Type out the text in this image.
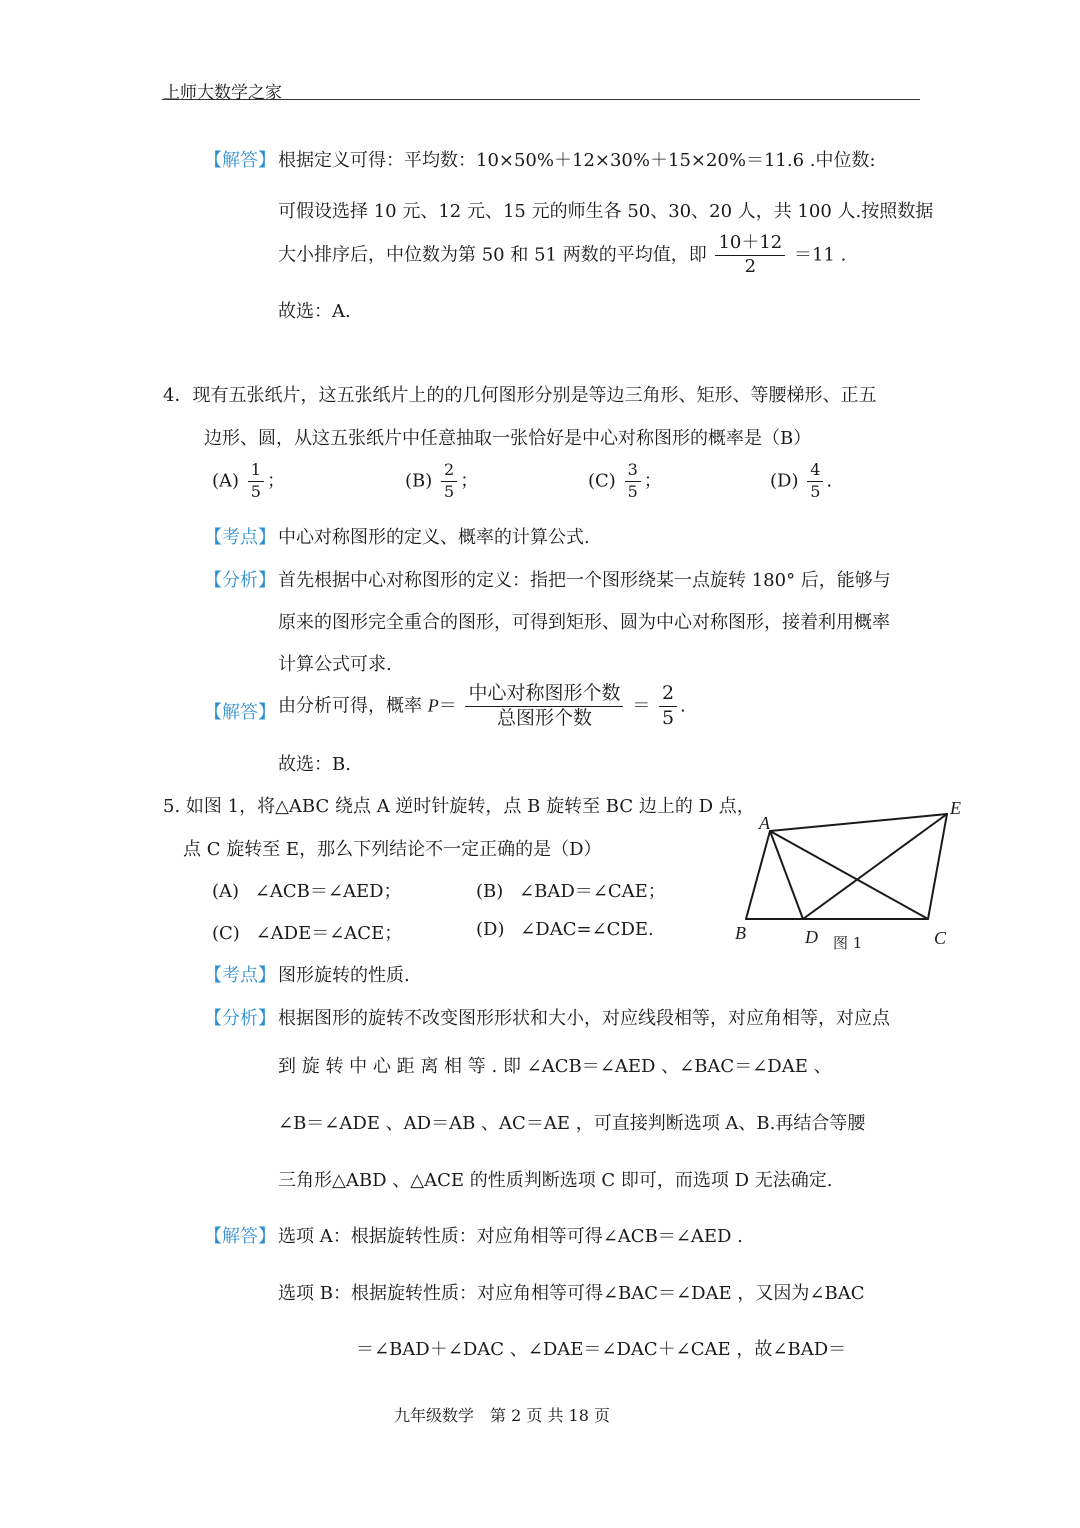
上师大数学之家
【解答】 根据定义可得：平均数：10×50%＋12×30%＋15×20%＝11.6 .中位数:
可假设选择 10 元、12 元、15 元的师生各 50、30、20 人，共 100 人.按照数据
大小排序后，中位数为第 50 和 51 两数的平均值，即 $\frac{10+12}{2} =11$ .
故选：A.
4．现有五张纸片，这五张纸片上的的几何图形分别是等边三角形、矩形、等腰梯形、正五
边形、圆，从这五张纸片中任意抽取一张恰好是中心对称图形的概率是（B）
$(A) \frac{1}{5}$ ；	$(B) \frac{2}{5}$ ；	$(C) \frac{3}{5}$ ；	$(D) \frac{4}{5}$ .
【考点】 中心对称图形的定义、概率的计算公式.
【分析】 首先根据中心对称图形的定义：指把一个图形绕某一点旋转 180° 后，能够与
原来的图形完全重合的图形，可得到矩形、圆为中心对称图形，接着利用概率
计算公式可求.
【解答】 由分析可得，概率 $P= \frac{\text{中心对称图形个数}}{\text{总图形个数}} = \frac{2}{5}$ .
故选：B.
5. 如图 1，将△ABC 绕点 A 逆时针旋转，点 B 旋转至 BC 边上的 D 点，
点 C 旋转至 E，那么下列结论不一定正确的是（D）
(A) ∠ACB＝∠AED；	(B) ∠BAD＝∠CAE；
(C) ∠ADE＝∠ACE；	(D) ∠DAC=∠CDE.
A
E
B	D	C
图 1
【考点】 图形旋转的性质.
【分析】 根据图形的旋转不改变图形形状和大小，对应线段相等，对应角相等，对应点
到 旋 转 中 心 距 离 相 等 . 即 ∠ACB＝∠AED 、∠BAC＝∠DAE 、
∠B＝∠ADE 、AD＝AB 、AC＝AE ，可直接判断选项 A、B.再结合等腰
三角形△ABD 、△ACE 的性质判断选项 C 即可，而选项 D 无法确定.
【解答】 选项 A：根据旋转性质：对应角相等可得∠ACB＝∠AED .
选项 B：根据旋转性质：对应角相等可得∠BAC＝∠DAE ，又因为∠BAC
＝∠BAD＋∠DAC 、∠DAE＝∠DAC＋∠CAE ，故∠BAD＝
九年级数学　第 2 页 共 18 页
